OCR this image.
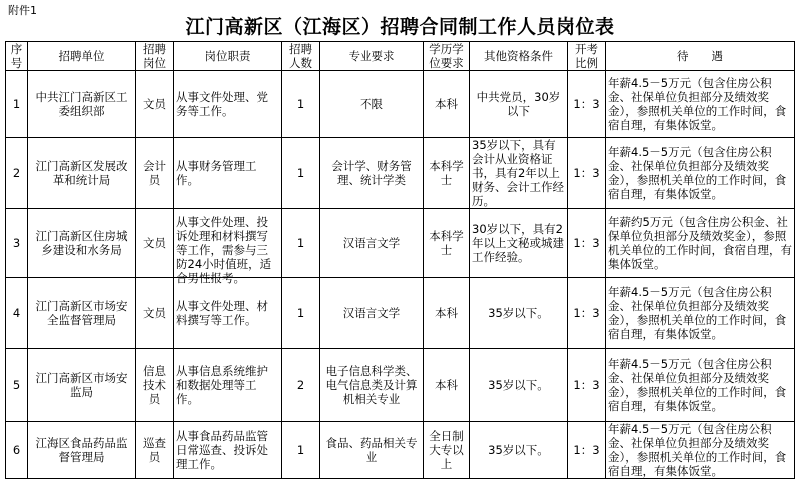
附件1
江门高新区（江海区）招聘合同制工作人员岗位表
序号	招聘单位	招聘岗位	岗位职责	招聘人数	专业要求	学历学位要求	其他资格条件	开考比例	待　　遇
1	中共江门高新区工委组织部	文员	从事文件处理、党务等工作。	1	不限	本科	中共党员，30岁以下	1：3	年薪4.5－5万元（包含住房公积金、社保单位负担部分及绩效奖金），参照机关单位的工作时间，食宿自理，有集体饭堂。
2	江门高新区发展改革和统计局	会计员	从事财务管理工作。	1	会计学、财务管理、统计学类	本科学士	35岁以下，具有会计从业资格证书，具有2年以上财务、会计工作经历。	1：3	年薪4.5－5万元（包含住房公积金、社保单位负担部分及绩效奖金），参照机关单位的工作时间，食宿自理，有集体饭堂。
3	江门高新区住房城乡建设和水务局	文员	从事文件处理、投诉处理和材料撰写等工作，需参与三防24小时值班，适合男性报考。	1	汉语言文学	本科学士	30岁以下，具有2年以上文秘或城建工作经验。	1：3	年薪约5万元（包含住房公积金、社保单位负担部分及绩效奖金），参照机关单位的工作时间，食宿自理，有集体饭堂。
4	江门高新区市场安全监督管理局	文员	从事文件处理、材料撰写等工作。	1	汉语言文学	本科	35岁以下。	1：3	年薪4.5－5万元（包含住房公积金、社保单位负担部分及绩效奖金），参照机关单位的工作时间，食宿自理，有集体饭堂。
5	江门高新区市场安监局	信息技术员	从事信息系统维护和数据处理等工作。	2	电子信息科学类、电气信息类及计算机相关专业	本科	35岁以下。	1：3	年薪4.5－5万元（包含住房公积金、社保单位负担部分及绩效奖金），参照机关单位的工作时间，食宿自理，有集体饭堂。
6	江海区食品药品监督管理局	巡查员	从事食品药品监管日常巡查、投诉处理工作。	1	食品、药品相关专业	全日制大专以上	35岁以下。	1：3	年薪4.5－5万元（包含住房公积金、社保单位负担部分及绩效奖金），参照机关单位的工作时间，食宿自理，有集体饭堂。
